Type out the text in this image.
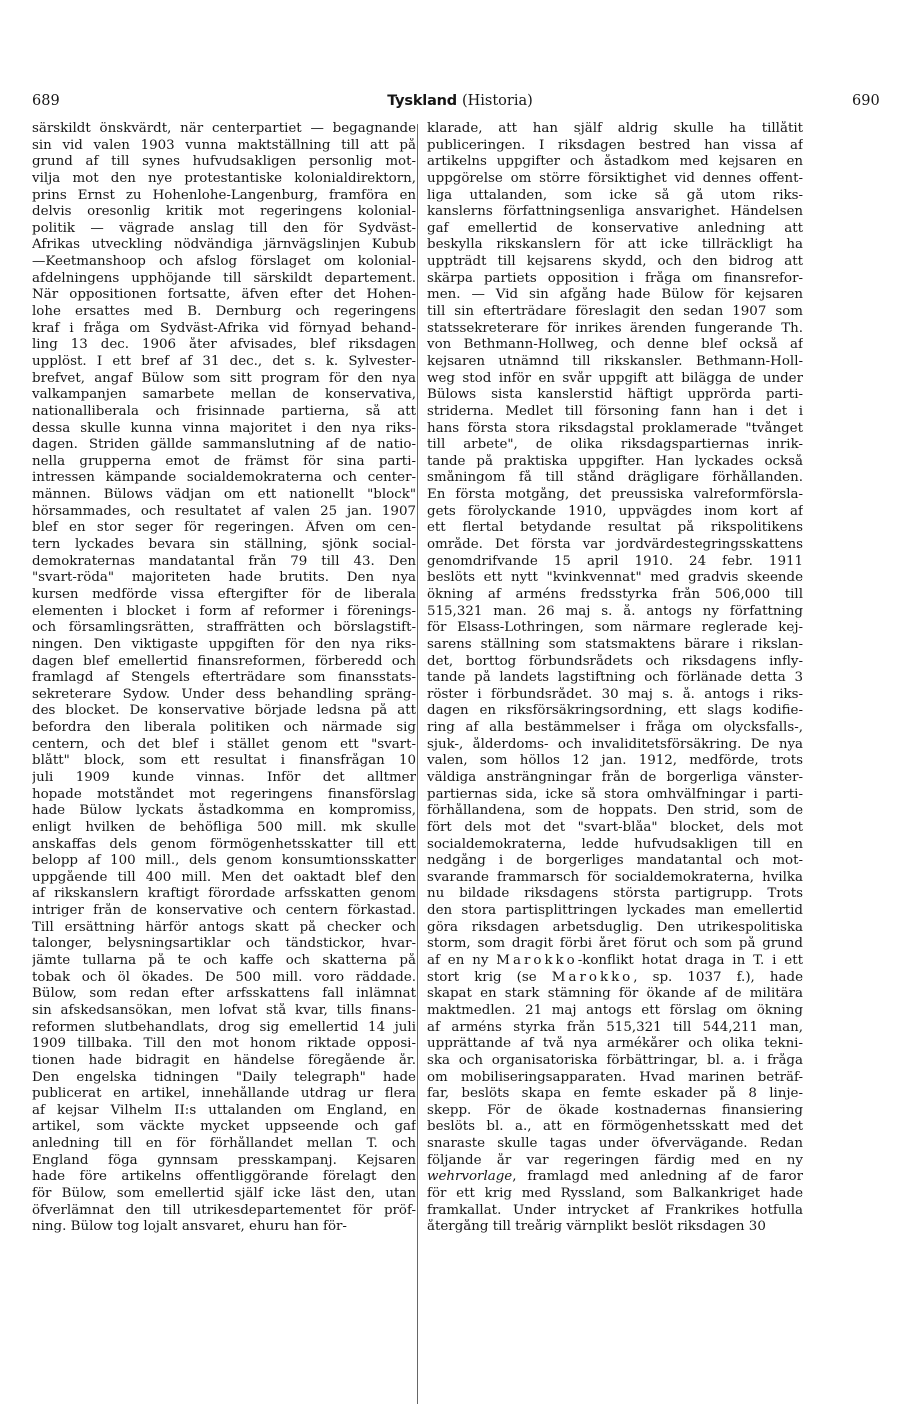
689	Tyskland (Historia)	690
särskildt önskvärdt, när centerpartiet — begagnande
sin vid valen 1903 vunna maktställning till att på
grund af till synes hufvudsakligen personlig mot-
vilja mot den nye protestantiske kolonialdirektorn,
prins Ernst zu Hohenlohe-Langenburg, framföra en
delvis oresonlig kritik mot regeringens kolonial-
politik — vägrade anslag till den för Sydväst-
Afrikas utveckling nödvändiga järnvägslinjen Kubub
—Keetmanshoop och afslog förslaget om kolonial-
afdelningens upphöjande till särskildt departement.
När oppositionen fortsatte, äfven efter det Hohen-
lohe ersattes med B. Dernburg och regeringens
kraf i fråga om Sydväst-Afrika vid förnyad behand-
ling 13 dec. 1906 åter afvisades, blef riksdagen
upplöst. I ett bref af 31 dec., det s. k. Sylvester-
brefvet, angaf Bülow som sitt program för den nya
valkampanjen samarbete mellan de konservativa,
nationalliberala och frisinnade partierna, så att
dessa skulle kunna vinna majoritet i den nya riks-
dagen. Striden gällde sammanslutning af de natio-
nella grupperna emot de främst för sina parti-
intressen kämpande socialdemokraterna och center-
männen. Bülows vädjan om ett nationellt "block"
hörsammades, och resultatet af valen 25 jan. 1907
blef en stor seger för regeringen. Äfven om cen-
tern lyckades bevara sin ställning, sjönk social-
demokraternas mandatantal från 79 till 43. Den
"svart-röda" majoriteten hade brutits. Den nya
kursen medförde vissa eftergifter för de liberala
elementen i blocket i form af reformer i förenings-
och församlingsrätten, straffrätten och börslagstift-
ningen. Den viktigaste uppgiften för den nya riks-
dagen blef emellertid finansreformen, förberedd och
framlagd af Stengels efterträdare som finansstats-
sekreterare Sydow. Under dess behandling spräng-
des blocket. De konservative började ledsna på att
befordra den liberala politiken och närmade sig
centern, och det blef i stället genom ett "svart-
blått" block, som ett resultat i finansfrågan 10
juli 1909 kunde vinnas. Inför det alltmer
hopade motståndet mot regeringens finansförslag
hade Bülow lyckats åstadkomma en kompromiss,
enligt hvilken de behöfliga 500 mill. mk skulle
anskaffas dels genom förmögenhetsskatter till ett
belopp af 100 mill., dels genom konsumtionsskatter
uppgående till 400 mill. Men det oaktadt blef den
af rikskanslern kraftigt förordade arfsskatten genom
intriger från de konservative och centern förkastad.
Till ersättning härför antogs skatt på checker och
talonger, belysningsartiklar och tändstickor, hvar-
jämte tullarna på te och kaffe och skatterna på
tobak och öl ökades. De 500 mill. voro räddade.
Bülow, som redan efter arfsskattens fall inlämnat
sin afskedsansökan, men lofvat stå kvar, tills finans-
reformen slutbehandlats, drog sig emellertid 14 juli
1909 tillbaka. Till den mot honom riktade opposi-
tionen hade bidragit en händelse föregående år.
Den engelska tidningen "Daily telegraph" hade
publicerat en artikel, innehållande utdrag ur flera
af kejsar Vilhelm II:s uttalanden om England, en
artikel, som väckte mycket uppseende och gaf
anledning till en för förhållandet mellan T. och
England föga gynnsam presskampanj. Kejsaren
hade före artikelns offentliggörande förelagt den
för Bülow, som emellertid själf icke läst den, utan
öfverlämnat den till utrikesdepartementet för pröf-
ning. Bülow tog lojalt ansvaret, ehuru han för-
klarade, att han själf aldrig skulle ha tillåtit
publiceringen. I riksdagen bestred han vissa af
artikelns uppgifter och åstadkom med kejsaren en
uppgörelse om större försiktighet vid dennes offent-
liga uttalanden, som icke så gå utom riks-
kanslerns författningsenliga ansvarighet. Händelsen
gaf emellertid de konservative anledning att
beskylla rikskanslern för att icke tillräckligt ha
uppträdt till kejsarens skydd, och den bidrog att
skärpa partiets opposition i fråga om finansrefor-
men. — Vid sin afgång hade Bülow för kejsaren
till sin efterträdare föreslagit den sedan 1907 som
statssekreterare för inrikes ärenden fungerande Th.
von Bethmann-Hollweg, och denne blef också af
kejsaren utnämnd till rikskansler. Bethmann-Holl-
weg stod inför en svår uppgift att bilägga de under
Bülows sista kanslerstid häftigt upprörda parti-
striderna. Medlet till försoning fann han i det i
hans första stora riksdagstal proklamerade "tvånget
till arbete", de olika riksdagspartiernas inrik-
tande på praktiska uppgifter. Han lyckades också
småningom få till stånd drägligare förhållanden.
En första motgång, det preussiska valreformförsla-
gets förolyckande 1910, uppvägdes inom kort af
ett flertal betydande resultat på rikspolitikens
område. Det första var jordvärdestegringsskattens
genomdrifvande 15 april 1910. 24 febr. 1911
beslöts ett nytt "kvinkvennat" med gradvis skeende
ökning af arméns fredsstyrka från 506,000 till
515,321 man. 26 maj s. å. antogs ny författning
för Elsass-Lothringen, som närmare reglerade kej-
sarens ställning som statsmaktens bärare i rikslan-
det, borttog förbundsrådets och riksdagens infly-
tande på landets lagstiftning och förlänade detta 3
röster i förbundsrådet. 30 maj s. å. antogs i riks-
dagen en riksförsäkringsordning, ett slags kodifie-
ring af alla bestämmelser i fråga om olycksfalls-,
sjuk-, ålderdoms- och invaliditetsförsäkring. De nya
valen, som höllos 12 jan. 1912, medförde, trots
väldiga ansträngningar från de borgerliga vänster-
partiernas sida, icke så stora omhvälfningar i parti-
förhållandena, som de hoppats. Den strid, som de
fört dels mot det "svart-blåa" blocket, dels mot
socialdemokraterna, ledde hufvudsakligen till en
nedgång i de borgerliges mandatantal och mot-
svarande frammarsch för socialdemokraterna, hvilka
nu bildade riksdagens största partigrupp. Trots
den stora partisplittringen lyckades man emellertid
göra riksdagen arbetsduglig. Den utrikespolitiska
storm, som dragit förbi året förut och som på grund
af en ny Marokko-konflikt hotat draga in T. i ett
stort krig (se Marokko, sp. 1037 f.), hade
skapat en stark stämning för ökande af de militära
maktmedlen. 21 maj antogs ett förslag om ökning
af arméns styrka från 515,321 till 544,211 man,
upprättande af två nya armékårer och olika tekni-
ska och organisatoriska förbättringar, bl. a. i fråga
om mobiliseringsapparaten. Hvad marinen beträf-
far, beslöts skapa en femte eskader på 8 linje-
skepp. För de ökade kostnadernas finansiering
beslöts bl. a., att en förmögenhetsskatt med det
snaraste skulle tagas under öfvervägande. Redan
följande år var regeringen färdig med en ny
wehrvorlage, framlagd med anledning af de faror
för ett krig med Ryssland, som Balkankriget hade
framkallat. Under intrycket af Frankrikes hotfulla
återgång till treårig värnplikt beslöt riksdagen 30
